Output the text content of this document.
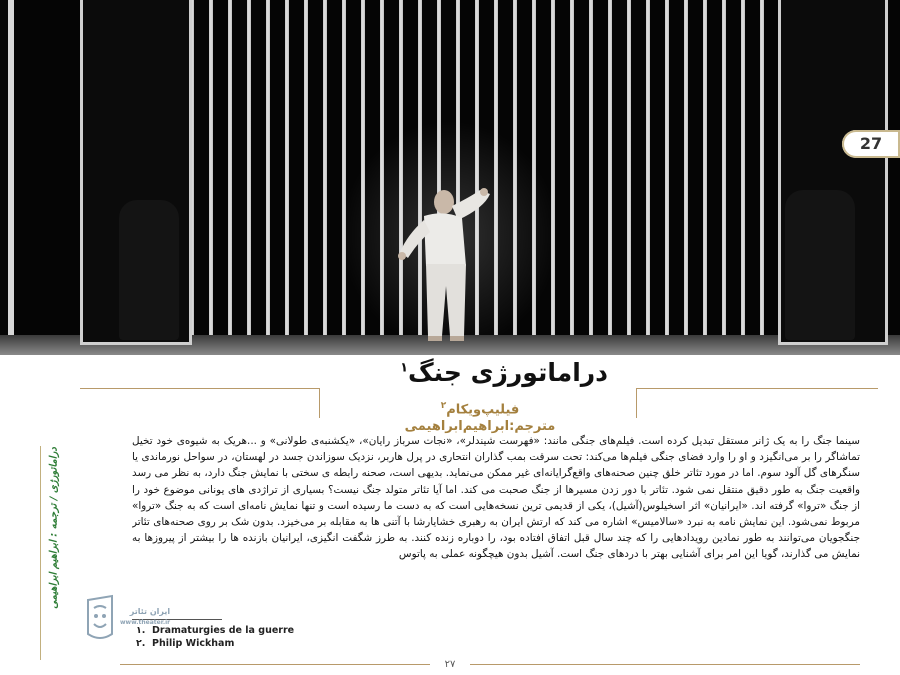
27
دراماتورژی جنگ$^۱$
فیلیپ‌ویکام$^۲$
مترجم:ابراهیم‌ابراهیمی

سینما جنگ را به یک ژانر مستقل تبدیل کرده است. فیلم‌های جنگی مانند: «فهرست شیندلر»، «نجات سرباز رایان»، «یکشنبه‌ی طولانی» و ...هریک به شیوه‌ی خود تخیل تماشاگر را بر می‌انگیزد و او را وارد فضای جنگی فیلم‌ها می‌کند: تحت سرقت بمب گذاران انتحاری در پرل هاربر، نزدیک سوزاندن جسد در لهستان، در سواحل نورماندی یا سنگرهای گل آلود سوم. اما در مورد تئاتر خلق چنین صحنه‌های واقع‌گرایانه‌ای غیر ممکن می‌نماید. بدیهی است، صحنه رابطه ی سختی با نمایش جنگ دارد، به نظر می رسد واقعیت جنگ به طور دقیق منتقل نمی شود. تئاتر با دور زدن مسیرها از جنگ صحبت می کند. اما آیا تئاتر متولد جنگ نیست؟ بسیاری از تراژدی های یونانی موضوع خود را از جنگ «تروا» گرفته اند. «ایرانیان» اثر اسخیلوس(آشیل)، یکی از قدیمی ترین نسخه‌هایی است که به دست ما رسیده است و تنها نمایش نامه‌ای است که به جنگ «تروا» مربوط نمی‌شود. این نمایش نامه به نبرد «سالامیس» اشاره می کند که ارتش ایران به رهبری خشایارشا با آتنی ها به مقابله بر می‌خیزد. بدون شک بر روی صحنه‌های تئاتر جنگجویان می‌توانند به طور نمادین رویدادهایی را که چند سال قبل اتفاق افتاده بود، را دوباره زنده کنند. به طرز شگفت انگیزی، ایرانیان بازنده ها را بیشتر از پیروزها به نمایش می گذارند، گویا این امر برای آشنایی بهتر با دردهای جنگ است. آشیل بدون هیچگونه عملی به پاتوس

۱. Dramaturgies de la guerre
۲. Philip Wickham
۲۷
دراماتورژی / ترجمه : ابراهیم ابراهیمی
ایران تئاتر
www.theater.ir
